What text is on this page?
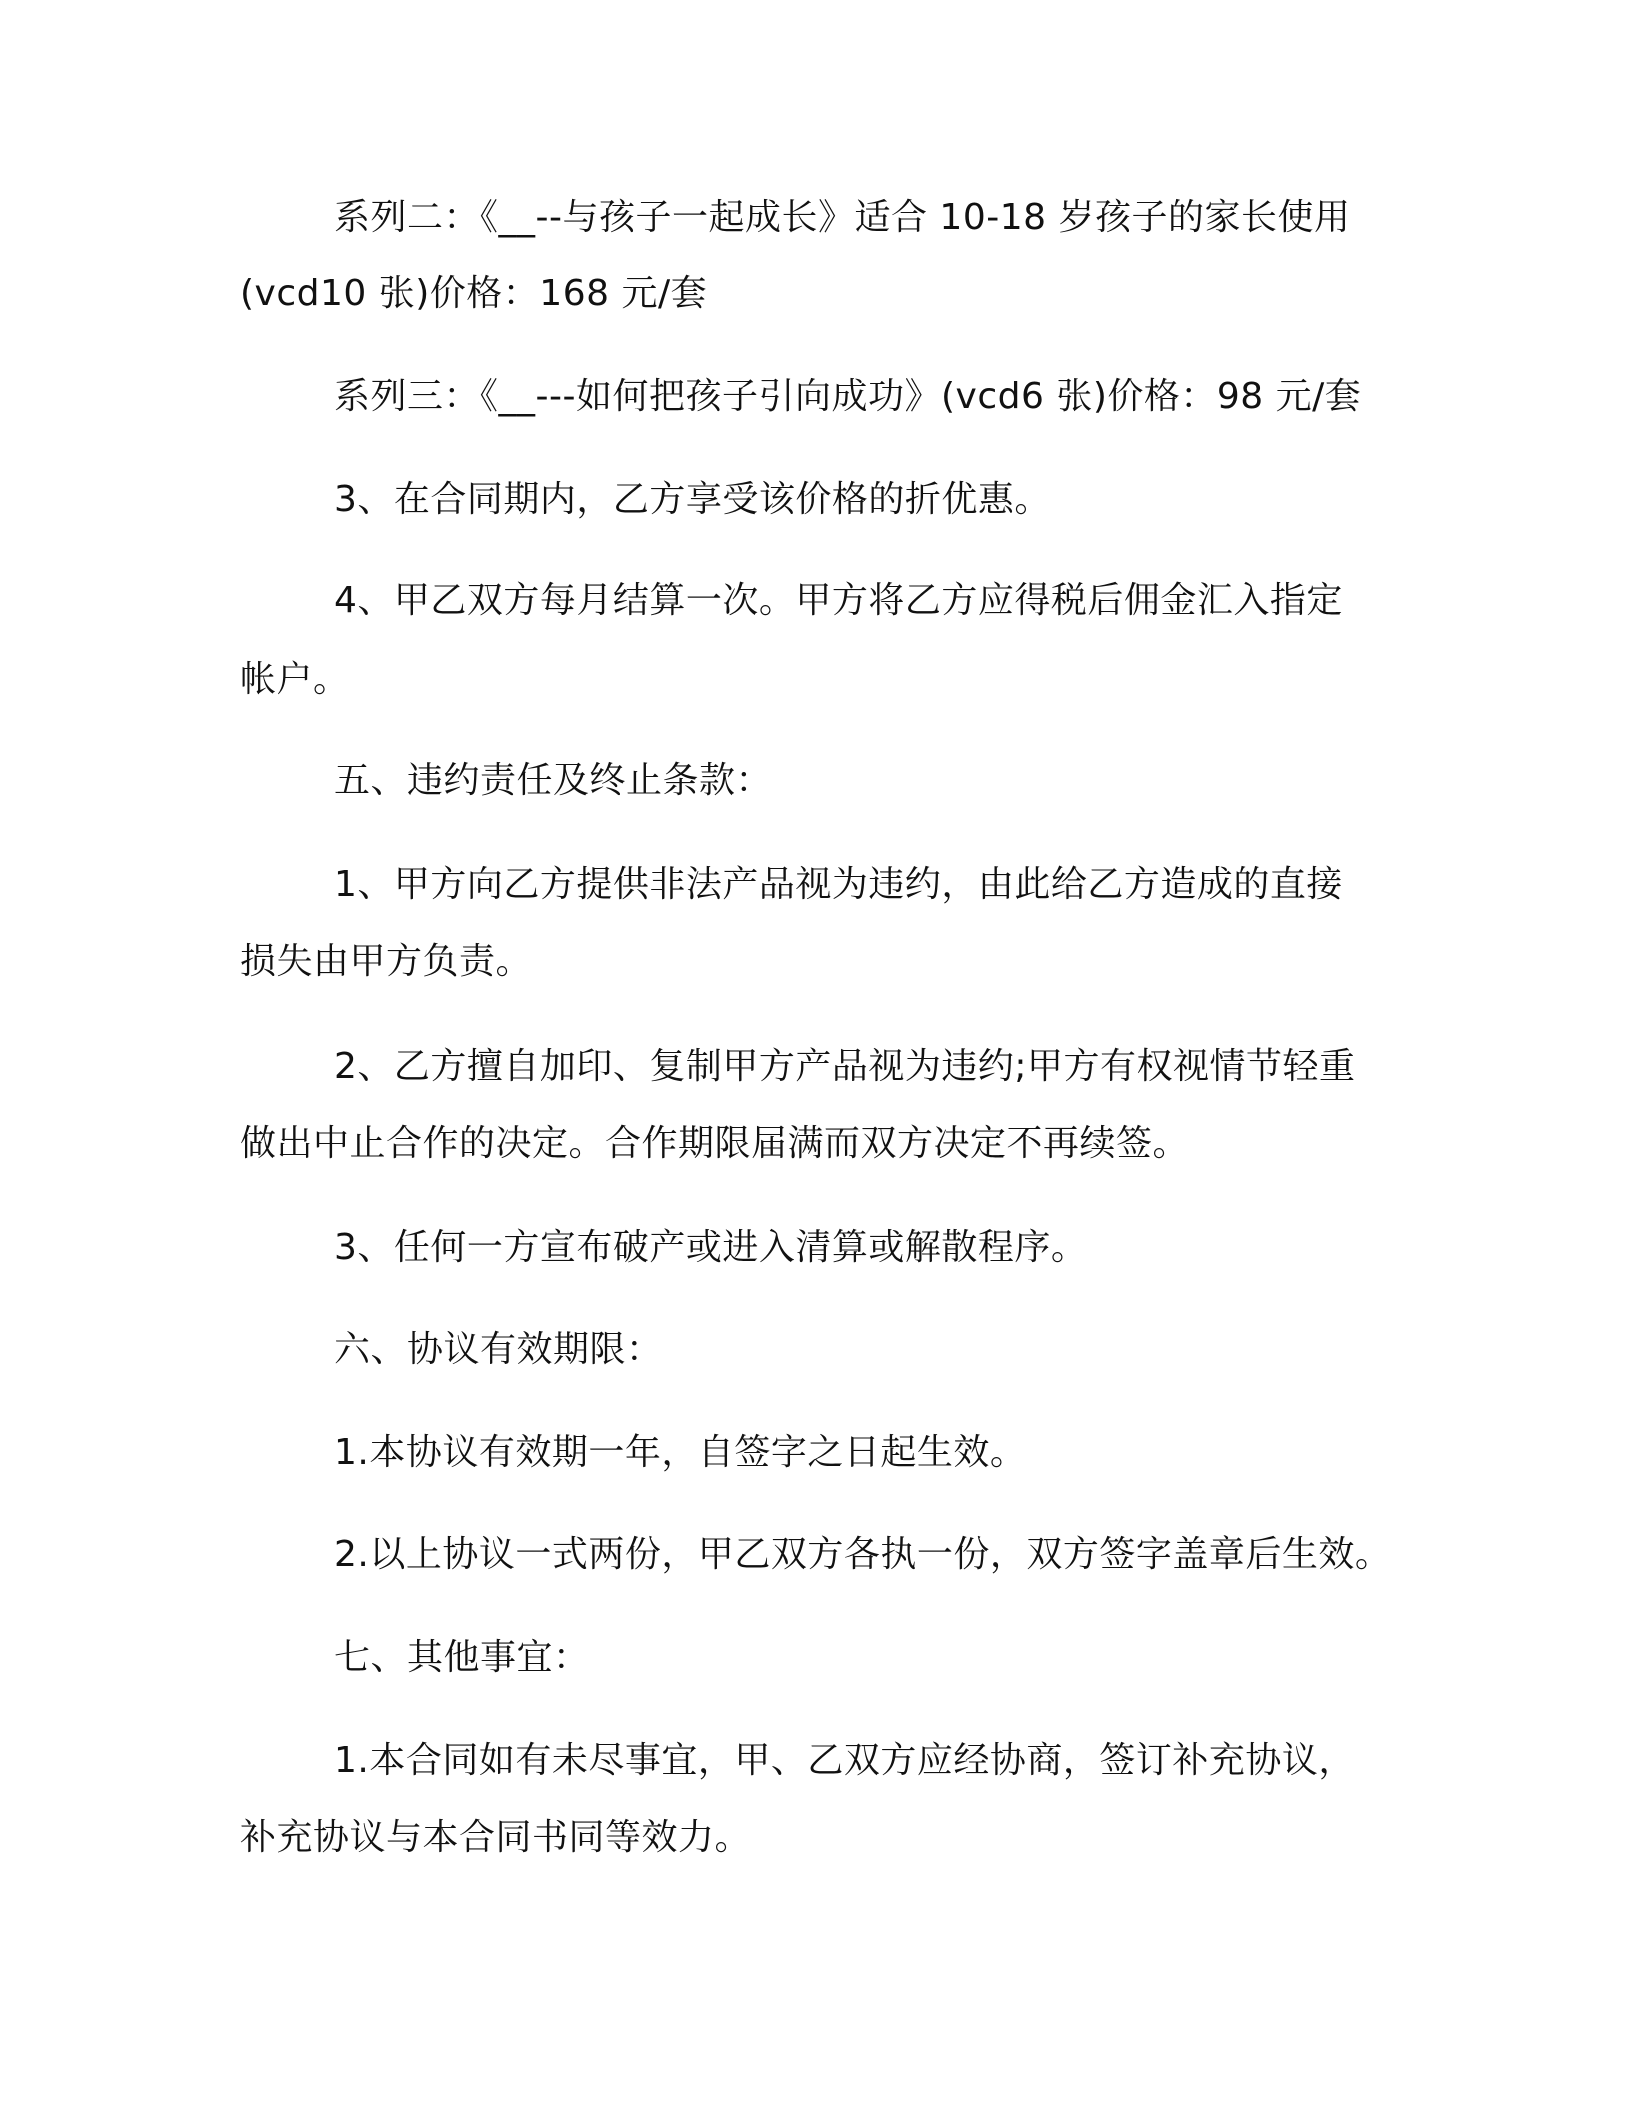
系列二：《__--与孩子一起成长》适合 10-18 岁孩子的家长使用
(vcd10 张)价格：168 元/套
系列三：《__---如何把孩子引向成功》(vcd6 张)价格：98 元/套
3、在合同期内，乙方享受该价格的折优惠。
4、甲乙双方每月结算一次。甲方将乙方应得税后佣金汇入指定
帐户。
五、违约责任及终止条款：
1、甲方向乙方提供非法产品视为违约，由此给乙方造成的直接
损失由甲方负责。
2、乙方擅自加印、复制甲方产品视为违约;甲方有权视情节轻重
做出中止合作的决定。合作期限届满而双方决定不再续签。
3、任何一方宣布破产或进入清算或解散程序。
六、协议有效期限：
1.本协议有效期一年，自签字之日起生效。
2.以上协议一式两份，甲乙双方各执一份，双方签字盖章后生效。
七、其他事宜：
1.本合同如有未尽事宜，甲、乙双方应经协商，签订补充协议，
补充协议与本合同书同等效力。
